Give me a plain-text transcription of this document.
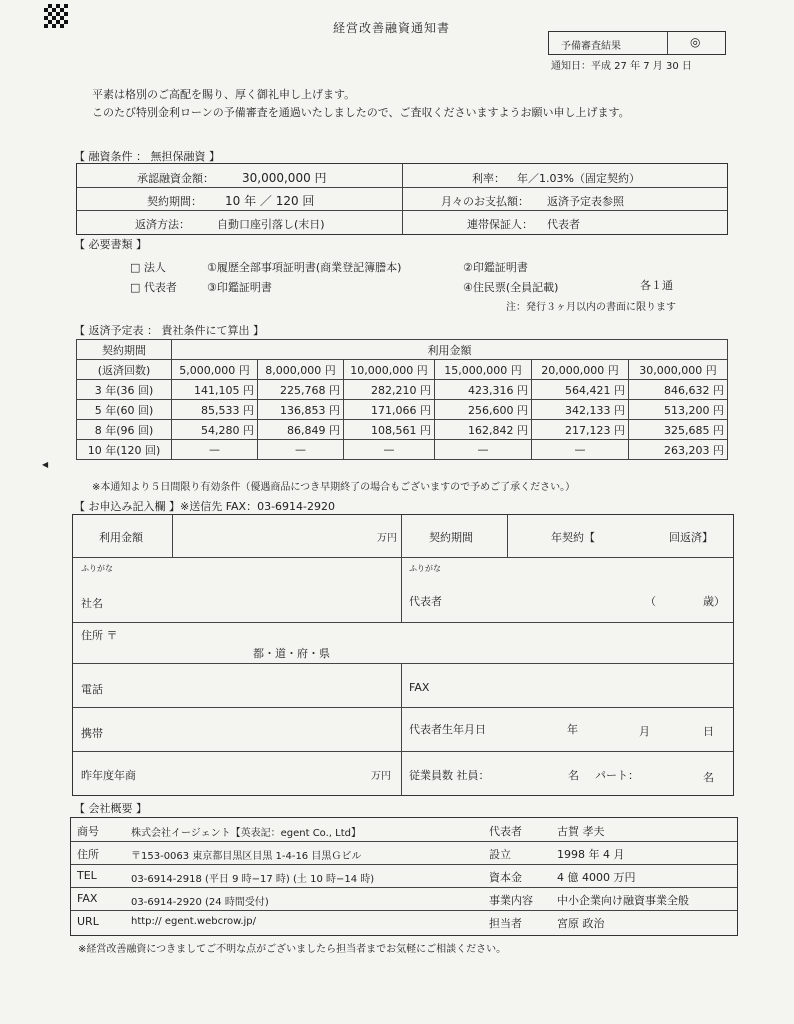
経営改善融資通知書
予備審査結果	◎
通知日：平成 27 年 7 月 30 日
平素は格別のご高配を賜り、厚く御礼申し上げます。
このたび特別金利ローンの予備審査を通過いたしましたので、ご査収くださいますようお願い申し上げます。
【 融資条件 ： 無担保融資 】
承認融資金額： 30,000,000 円	利率： 年／1.03%（固定契約）
契約期間： 10 年 ／ 120 回	月々のお支払額： 返済予定表参照
返済方法： 自動口座引落し(末日)	連帯保証人： 代表者
【 必要書類 】
□ 法人	①履歴全部事項証明書(商業登記簿謄本)	②印鑑証明書
□ 代表者	③印鑑証明書	④住民票(全員記載)	各１通
注：発行３ヶ月以内の書面に限ります
【 返済予定表 ： 貴社条件にて算出 】
契約期間	利用金額					
(返済回数)	5,000,000 円	8,000,000 円	10,000,000 円	15,000,000 円	20,000,000 円	30,000,000 円
3 年(36 回)	141,105 円	225,768 円	282,210 円	423,316 円	564,421 円	846,632 円
5 年(60 回)	85,533 円	136,853 円	171,066 円	256,600 円	342,133 円	513,200 円
8 年(96 回)	54,280 円	86,849 円	108,561 円	162,842 円	217,123 円	325,685 円
10 年(120 回)	—	—	—	—	—	263,203 円
※本通知より５日間限り有効条件（優遇商品につき早期終了の場合もございますので予めご了承ください。）
◀
【 お申込み記入欄 】※送信先 FAX：03-6914-2920
利用金額	万円	契約期間	年契約【	回返済】
ふりがな	ふりがな
社名	代表者	（	歳）
住所 〒
都・道・府・県
電話	FAX
携帯	代表者生年月日	年	月	日
昨年度年商	万円 従業員数 社員：	名 パート：	名
【 会社概要 】
商号	株式会社イージェント【英表記：egent Co., Ltd】	代表者	古賀 孝夫
住所	〒153-0063 東京都目黒区目黒 1-4-16 目黒Ｇビル	設立	1998 年 4 月
TEL	03-6914-2918 (平日 9 時−17 時) (土 10 時−14 時)	資本金	4 億 4000 万円
FAX	03-6914-2920 (24 時間受付)	事業内容 中小企業向け融資事業全般
URL	http:// egent.webcrow.jp/	担当者	宮原 政治
※経営改善融資につきましてご不明な点がございましたら担当者までお気軽にご相談ください。
